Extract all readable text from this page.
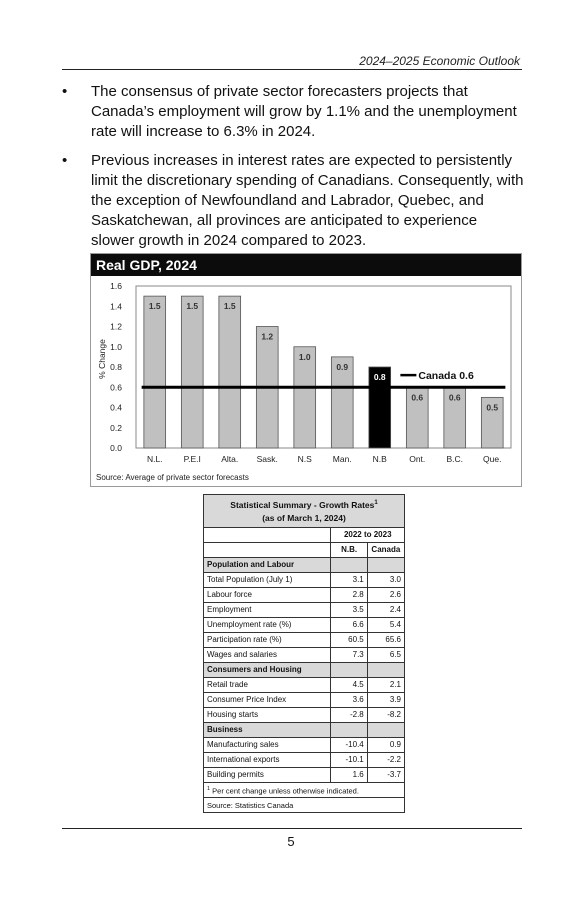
2024–2025 Economic Outlook
• The consensus of private sector forecasters projects that Canada’s employment will grow by 1.1% and the unemployment rate will increase to 6.3% in 2024.
• Previous increases in interest rates are expected to persistently limit the discretionary spending of Canadians. Consequently, with the exception of Newfoundland and Labrador, Quebec, and Saskatchewan, all provinces are anticipated to experience slower growth in 2024 compared to 2023.
Real GDP, 2024
0.0
0.2
0.4
0.6
0.8
1.0
1.2
1.4
1.6
% Change
1.5
N.L.
1.5
P.E.I
1.5
Alta.
1.2
Sask.
1.0
N.S
0.9
Man.
0.8
N.B
0.6
Ont.
0.6
B.C.
0.5
Que.
Canada 0.6
Source: Average of private sector forecasts
Statistical Summary - Growth Rates$^1$
(as of March 1, 2024)		
	2022 to 2023	
	N.B.	Canada
Population and Labour		
Total Population (July 1)	3.1	3.0
Labour force	2.8	2.6
Employment	3.5	2.4
Unemployment rate (%)	6.6	5.4
Participation rate (%)	60.5	65.6
Wages and salaries	7.3	6.5
Consumers and Housing		
Retail trade	4.5	2.1
Consumer Price Index	3.6	3.9
Housing starts	-2.8	-8.2
Business		
Manufacturing sales	-10.4	0.9
International exports	-10.1	-2.2
Building permits	1.6	-3.7
$^1$ Per cent change unless otherwise indicated.		
Source: Statistics Canada		
5
